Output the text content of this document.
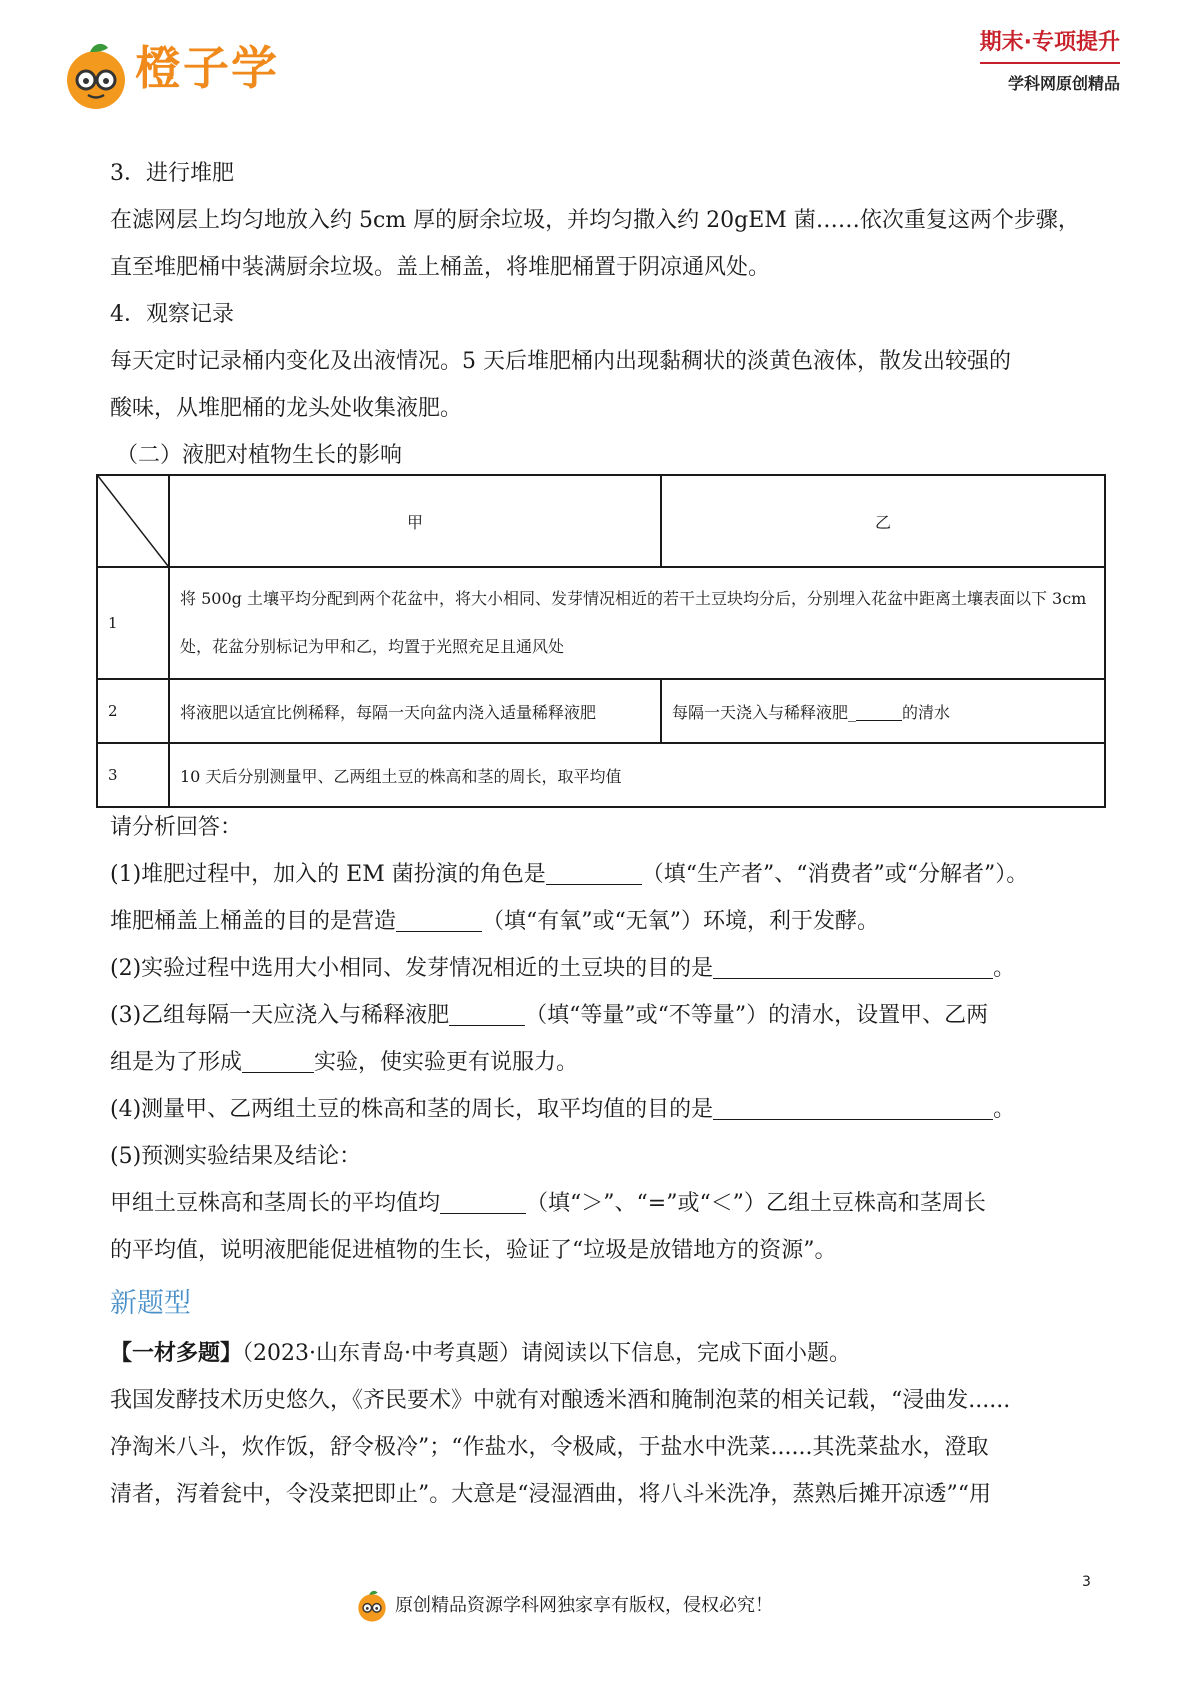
橙子学	期末·专项提升
学科网原创精品
3．进行堆肥
在滤网层上均匀地放入约 5cm 厚的厨余垃圾，并均匀撒入约 20gEM 菌……依次重复这两个步骤，
直至堆肥桶中装满厨余垃圾。盖上桶盖，将堆肥桶置于阴凉通风处。
4．观察记录
每天定时记录桶内变化及出液情况。5 天后堆肥桶内出现黏稠状的淡黄色液体，散发出较强的
酸味，从堆肥桶的龙头处收集液肥。
（二）液肥对植物生长的影响
	甲	乙
1	将 500g 土壤平均分配到两个花盆中，将大小相同、发芽情况相近的若干土豆块均分后，分别埋入花盆中距离土壤表面以下 3cm 处，花盆分别标记为甲和乙，均置于光照充足且通风处	
2	将液肥以适宜比例稀释，每隔一天向盆内浇入适量稀释液肥	每隔一天浇入与稀释液肥_ 的清水
3	10 天后分别测量甲、乙两组土豆的株高和茎的周长，取平均值	
请分析回答：
(1)堆肥过程中，加入的 EM 菌扮演的角色是	（填“生产者”、“消费者”或“分解者”）。
堆肥桶盖上桶盖的目的是营造	（填“有氧”或“无氧”）环境，利于发酵。
(2)实验过程中选用大小相同、发芽情况相近的土豆块的目的是	。
(3)乙组每隔一天应浇入与稀释液肥	（填“等量”或“不等量”）的清水，设置甲、乙两
组是为了形成	实验，使实验更有说服力。
(4)测量甲、乙两组土豆的株高和茎的周长，取平均值的目的是	。
(5)预测实验结果及结论：
甲组土豆株高和茎周长的平均值均	（填“＞”、“=”或“＜”）乙组土豆株高和茎周长
的平均值，说明液肥能促进植物的生长，验证了“垃圾是放错地方的资源”。
新题型
【一材多题】（2023·山东青岛·中考真题）请阅读以下信息，完成下面小题。
我国发酵技术历史悠久，《齐民要术》中就有对酿透米酒和腌制泡菜的相关记载，“浸曲发......
净淘米八斗，炊作饭，舒令极冷”；“作盐水，令极咸，于盐水中洗菜......其洗菜盐水，澄取
清者，泻着瓮中，令没菜把即止”。大意是“浸湿酒曲，将八斗米洗净，蒸熟后摊开凉透”“用
原创精品资源学科网独家享有版权，侵权必究！
3
